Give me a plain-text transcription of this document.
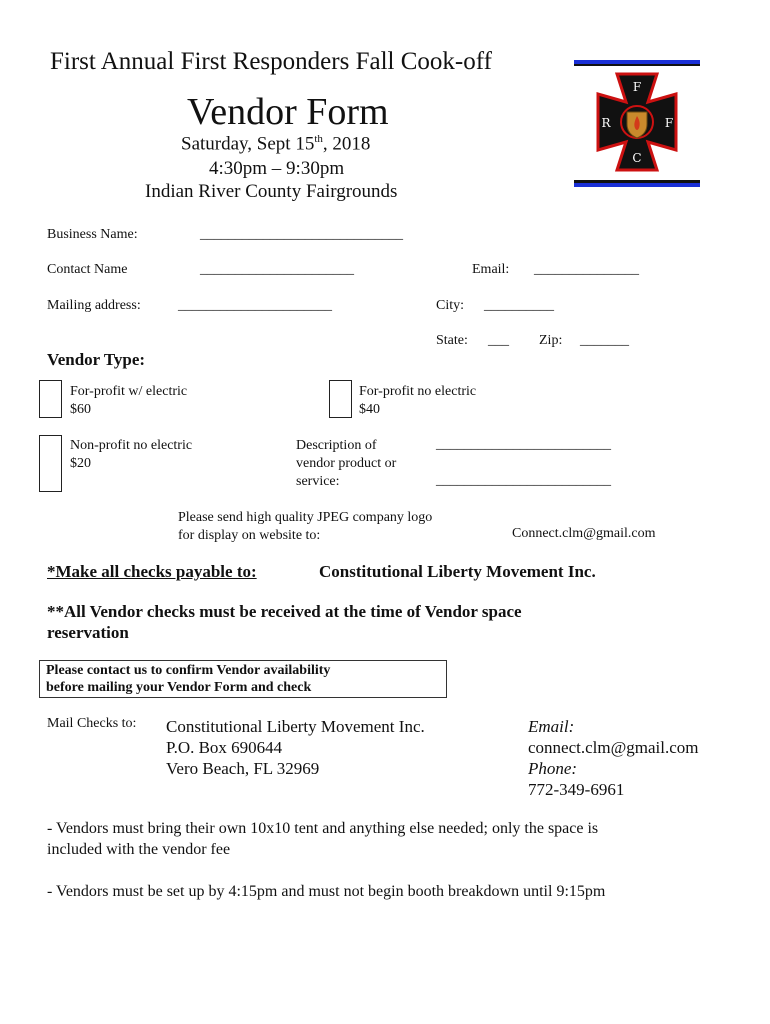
First Annual First Responders Fall Cook-off
Vendor Form
Saturday, Sept 15th, 2018
4:30pm – 9:30pm
Indian River County Fairgrounds
F
R	F
C
Business Name:	_____________________________
Contact Name	______________________	Email: _______________
Mailing address:	______________________	City: __________
State: ___ Zip: _______
Vendor Type:
For-profit w/ electric
$60
For-profit no electric
$40
Non-profit no electric
$20
Description of
vendor product or
service:
_________________________
_________________________
Please send high quality JPEG company logo
for display on website to:	Connect.clm@gmail.com
*Make all checks payable to:	Constitutional Liberty Movement Inc.
**All Vendor checks must be received at the time of Vendor space
reservation
Please contact us to confirm Vendor availability
before mailing your Vendor Form and check
Mail Checks to: Constitutional Liberty Movement Inc.
P.O. Box 690644
Vero Beach, FL 32969
Email:
connect.clm@gmail.com
Phone:
772-349-6961
- Vendors must bring their own 10x10 tent and anything else needed; only the space is
included with the vendor fee
- Vendors must be set up by 4:15pm and must not begin booth breakdown until 9:15pm
